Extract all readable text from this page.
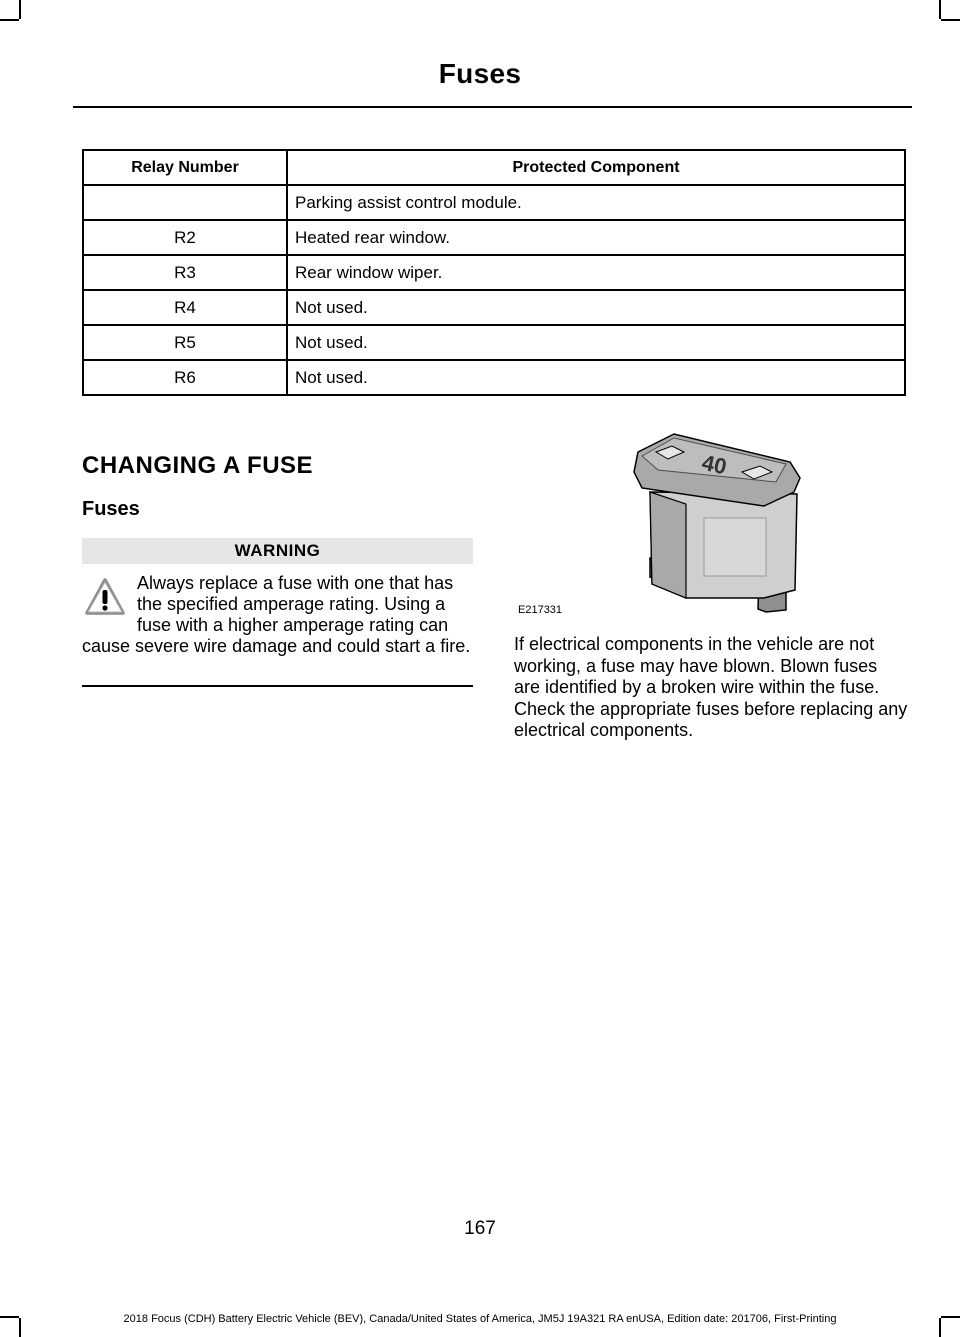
Fuses
Relay Number	Protected Component
	Parking assist control module.
R2	Heated rear window.
R3	Rear window wiper.
R4	Not used.
R5	Not used.
R6	Not used.
CHANGING A FUSE
Fuses
WARNING
Always replace a fuse with one that has the specified amperage rating. Using a fuse with a higher amperage rating can cause severe wire damage and could start a fire.
40
E217331
If electrical components in the vehicle are not working, a fuse may have blown. Blown fuses are identified by a broken wire within the fuse. Check the appropriate fuses before replacing any electrical components.
167
2018 Focus (CDH) Battery Electric Vehicle (BEV), Canada/United States of America, JM5J 19A321 RA enUSA, Edition date: 201706, First-Printing
